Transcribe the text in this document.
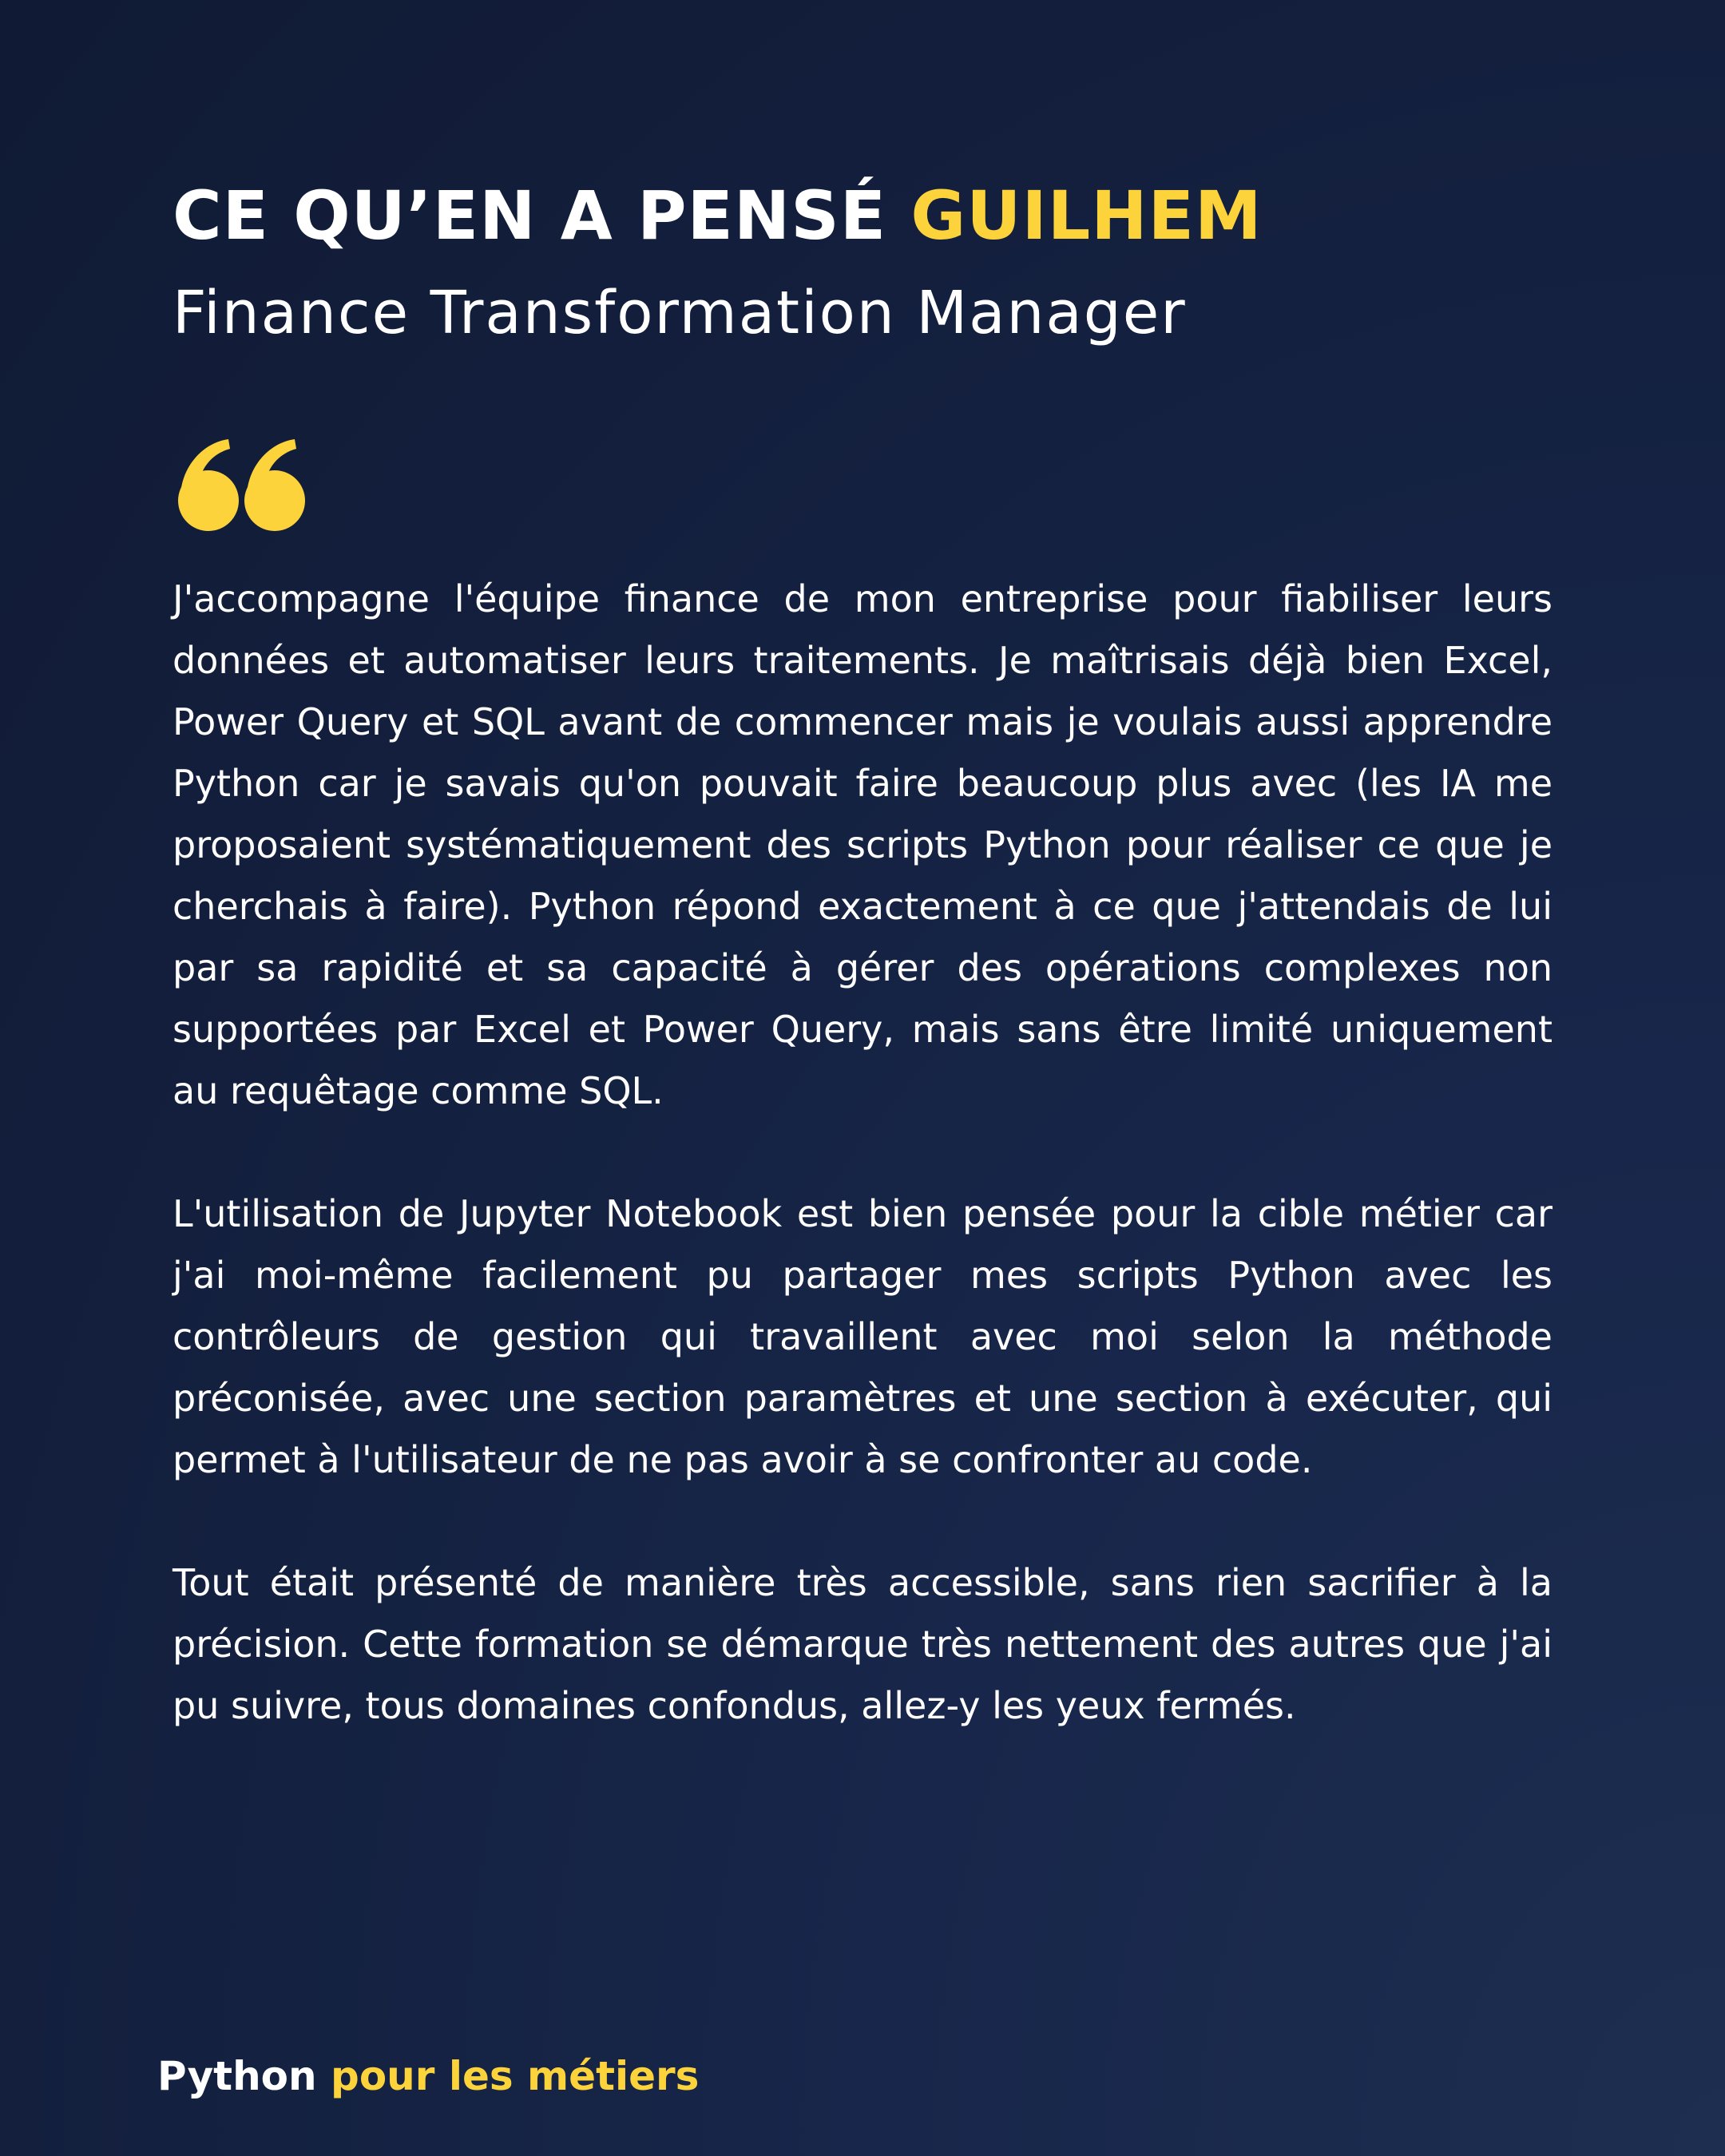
CE QU’EN A PENSÉ GUILHEM
Finance Transformation Manager

J'accompagne l'équipe finance de mon entreprise pour fiabiliser leurs données et automatiser leurs traitements. Je maîtrisais déjà bien Excel, Power Query et SQL avant de commencer mais je voulais aussi apprendre Python car je savais qu'on pouvait faire beaucoup plus avec (les IA me proposaient systématiquement des scripts Python pour réaliser ce que je cherchais à faire). Python répond exactement à ce que j'attendais de lui par sa rapidité et sa capacité à gérer des opérations complexes non supportées par Excel et Power Query, mais sans être limité uniquement au requêtage comme SQL.

L'utilisation de Jupyter Notebook est bien pensée pour la cible métier car j'ai moi-même facilement pu partager mes scripts Python avec les contrôleurs de gestion qui travaillent avec moi selon la méthode préconisée, avec une section paramètres et une section à exécuter, qui permet à l'utilisateur de ne pas avoir à se confronter au code.

Tout était présenté de manière très accessible, sans rien sacrifier à la précision. Cette formation se démarque très nettement des autres que j'ai pu suivre, tous domaines confondus, allez-y les yeux fermés.

Python pour les métiers
